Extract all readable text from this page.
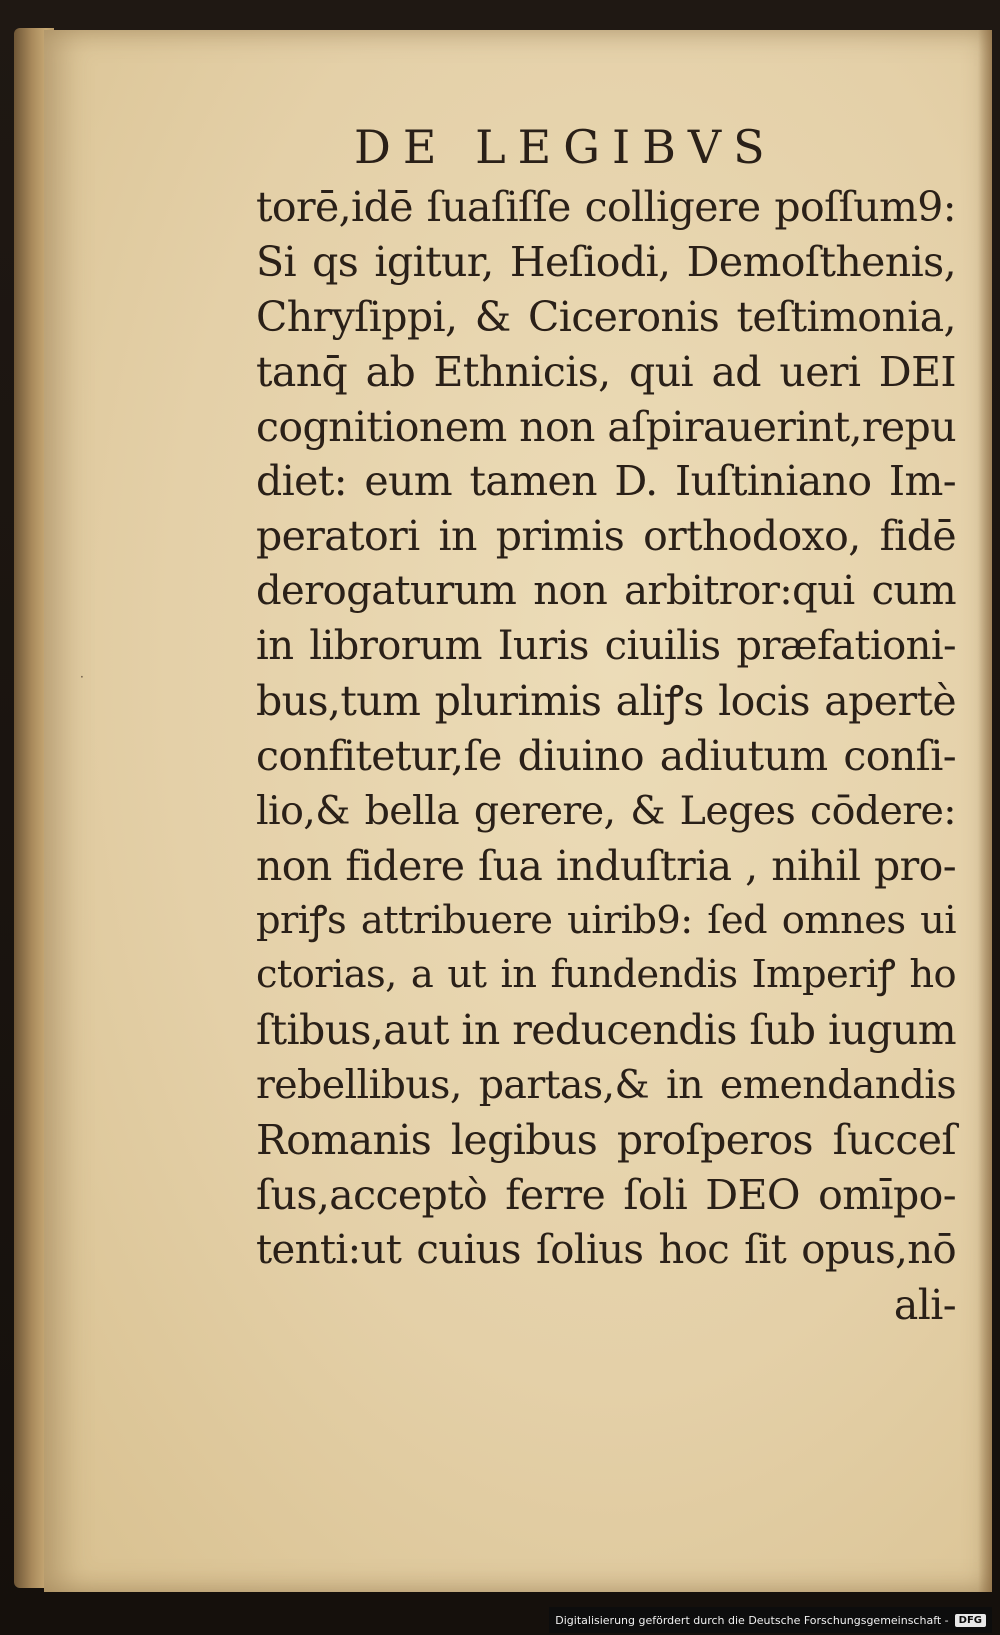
DE LEGIBVS
torē,idē ſuaſiſſe colligere poſſum9:
Si qs igitur, Heſiodi, Demoſthenis,
Chryſippi, & Ciceronis teſtimonia,
tanq̄ ab Ethnicis, qui ad ueri DEI
cognitionem non aſpirauerint,repu
diet: eum tamen D. Iuſtiniano Im-
peratori in primis orthodoxo, fidē
derogaturum non arbitror:qui cum
in librorum Iuris ciuilis præfationi-
bus,tum plurimis aliꝭs locis apertè
confitetur,ſe diuino adiutum conſi-
lio,& bella gerere, & Leges cōdere:
non fidere ſua induſtria , nihil pro-
priꝭs attribuere uirib9: ſed omnes ui
ctorias, a ut in fundendis Imperiꝭ ho
ſtibus,aut in reducendis ſub iugum
rebellibus, partas,& in emendandis
Romanis legibus proſperos ſucceſ
ſus,acceptò ferre ſoli DEO omīpo-
tenti:ut cuius ſolius hoc ſit opus,nō
ali-
·
Digitalisierung gefördert durch die Deutsche Forschungsgemeinschaft -	DFG
